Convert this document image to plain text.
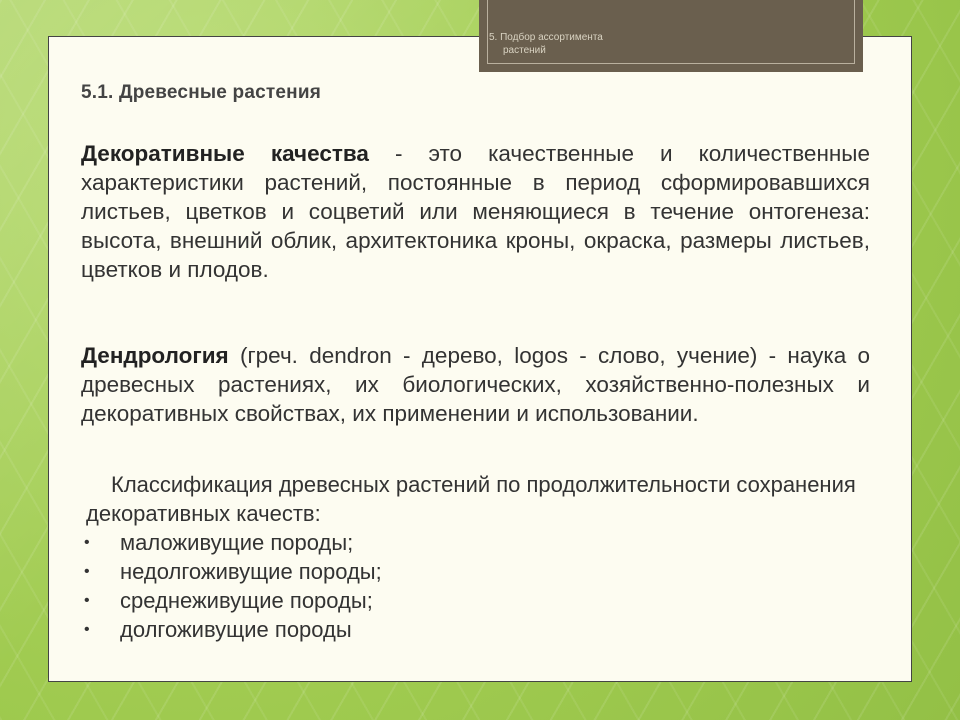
5. Подбор ассортимента
растений
5.1. Древесные растения
Декоративные качества - это качественные и количественные характеристики растений, постоянные в период сформировавшихся листьев, цветков и соцветий или меняющиеся в течение онтогенеза: высота, внешний облик, архитектоника кроны, окраска, размеры листьев, цветков и плодов.
Дендрология (греч. dendron - дерево, logos - слово, учение) - наука о древесных растениях, их биологических, хозяйственно-полезных и декоративных свойствах, их применении и использовании.
Классификация древесных растений по продолжительности сохранения декоративных качеств:
• маложивущие породы;
• недолгоживущие породы;
• среднеживущие породы;
• долгоживущие породы
